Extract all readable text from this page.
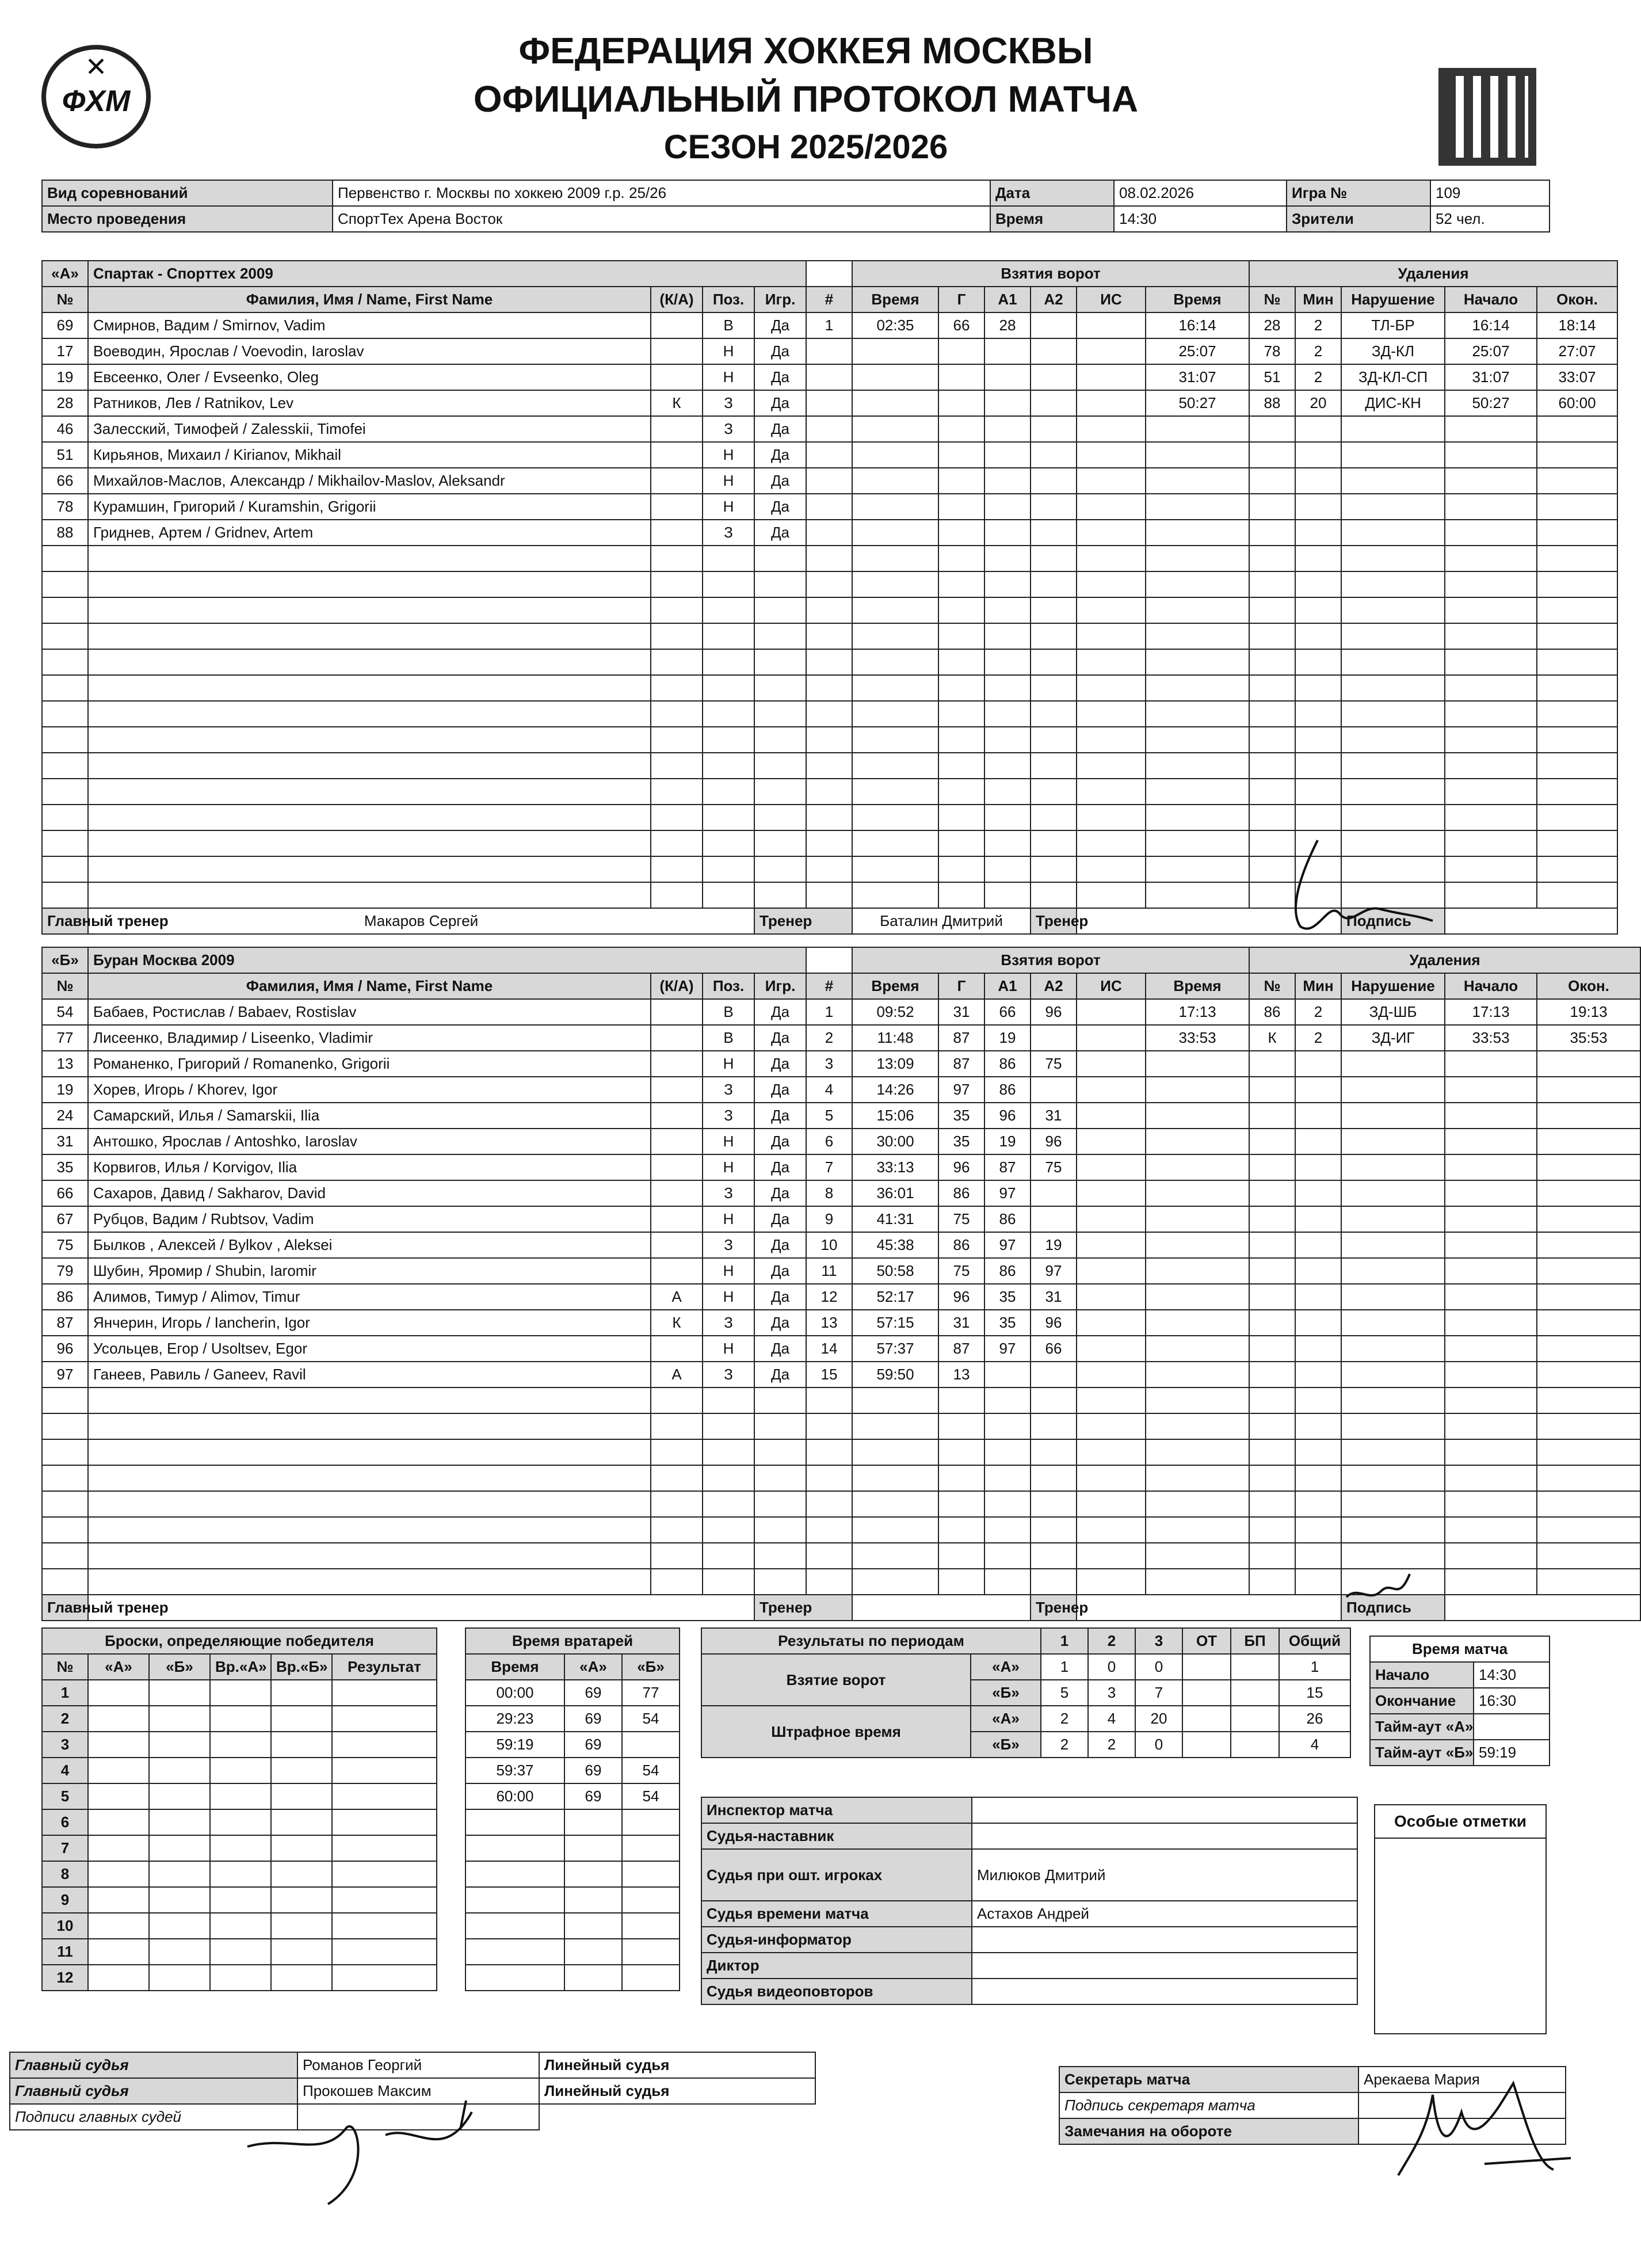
✕
ФХМ
ФЕДЕРАЦИЯ ХОККЕЯ МОСКВЫ
ОФИЦИАЛЬНЫЙ ПРОТОКОЛ МАТЧА
СЕЗОН 2025/2026
Вид соревнований	Первенство г. Москвы по хоккею 2009 г.р. 25/26	Дата	08.02.2026	Игра №	109
Место проведения	СпортТех Арена Восток	Время	14:30	Зрители	52 чел.
«А»	Спартак - Спорттех 2009					Взятия ворот						Удаления				
№	Фамилия, Имя / Name, First Name	(К/А)	Поз.	Игр.	#	Время	Г	А1	А2	ИС	Время	№	Мин	Нарушение	Начало	Окон.
69	Смирнов, Вадим / Smirnov, Vadim		В	Да	1	02:35	66	28			16:14	28	2	ТЛ-БР	16:14	18:14
17	Воеводин, Ярослав / Voevodin, Iaroslav		Н	Да							25:07	78	2	ЗД-КЛ	25:07	27:07
19	Евсеенко, Олег / Evseenko, Oleg		Н	Да							31:07	51	2	ЗД-КЛ-СП	31:07	33:07
28	Ратников, Лев / Ratnikov, Lev	К	З	Да							50:27	88	20	ДИС-КН	50:27	60:00
46	Залесский, Тимофей / Zalesskii, Timofei		З	Да												
51	Кирьянов, Михаил / Kirianov, Mikhail		Н	Да												
66	Михайлов-Маслов, Александр / Mikhailov-Maslov, Aleksandr		Н	Да												
78	Курамшин, Григорий / Kuramshin, Grigorii		Н	Да												
88	Гриднев, Артем / Gridnev, Artem		З	Да												

Главный тренер	Макаров Сергей			Тренер		Баталин Дмитрий			Тренер					Подпись		
«Б»	Буран Москва 2009					Взятия ворот						Удаления				
№	Фамилия, Имя / Name, First Name	(К/А)	Поз.	Игр.	#	Время	Г	А1	А2	ИС	Время	№	Мин	Нарушение	Начало	Окон.
54	Бабаев, Ростислав / Babaev, Rostislav		В	Да	1	09:52	31	66	96		17:13	86	2	ЗД-ШБ	17:13	19:13
77	Лисеенко, Владимир / Liseenko, Vladimir		В	Да	2	11:48	87	19			33:53	К	2	ЗД-ИГ	33:53	35:53
13	Романенко, Григорий / Romanenko, Grigorii		Н	Да	3	13:09	87	86	75							
19	Хорев, Игорь / Khorev, Igor		З	Да	4	14:26	97	86								
24	Самарский, Илья / Samarskii, Ilia		З	Да	5	15:06	35	96	31							
31	Антошко, Ярослав / Antoshko, Iaroslav		Н	Да	6	30:00	35	19	96							
35	Корвигов, Илья / Korvigov, Ilia		Н	Да	7	33:13	96	87	75							
66	Сахаров, Давид / Sakharov, David		З	Да	8	36:01	86	97								
67	Рубцов, Вадим / Rubtsov, Vadim		Н	Да	9	41:31	75	86								
75	Былков , Алексей / Bylkov , Aleksei		З	Да	10	45:38	86	97	19							
79	Шубин, Яромир / Shubin, Iaromir		Н	Да	11	50:58	75	86	97							
86	Алимов, Тимур / Alimov, Timur	А	Н	Да	12	52:17	96	35	31							
87	Янчерин, Игорь / Iancherin, Igor	К	З	Да	13	57:15	31	35	96							
96	Усольцев, Егор / Usoltsev, Egor		Н	Да	14	57:37	87	97	66							
97	Ганеев, Равиль / Ganeev, Ravil	А	З	Да	15	59:50	13									

Главный тренер				Тренер					Тренер					Подпись		
Броски, определяющие победителя					
№	«А»	«Б»	Вр.«А»	Вр.«Б»	Результат
1					
2					
3					
4					
5					
6					
7					
8					
9					
10					
11					
12					
Время вратарей		
Время	«А»	«Б»
00:00	69	77
29:23	69	54
59:19	69	
59:37	69	54
60:00	69	54

Результаты по периодам		1	2	3	ОТ	БП	Общий
Взятие ворот	«А»	1	0	0			1
	«Б»	5	3	7			15
Штрафное время	«А»	2	4	20			26
	«Б»	2	2	0			4
Время матча	
Начало	14:30
Окончание	16:30
Тайм-аут «А»	
Тайм-аут «Б»	59:19
Инспектор матча	
Судья-наставник	
Судья при ошт. игроках	Милюков Дмитрий
Судья времени матча	Астахов Андрей
Судья-информатор	
Диктор	
Судья видеоповторов	
Особые отметки
Главный судья	Романов Георгий	Линейный судья
Главный судья	Прокошев Максим	Линейный судья
Подписи главных судей		
Секретарь матча	Арекаева Мария
Подпись секретаря матча	
Замечания на обороте	
